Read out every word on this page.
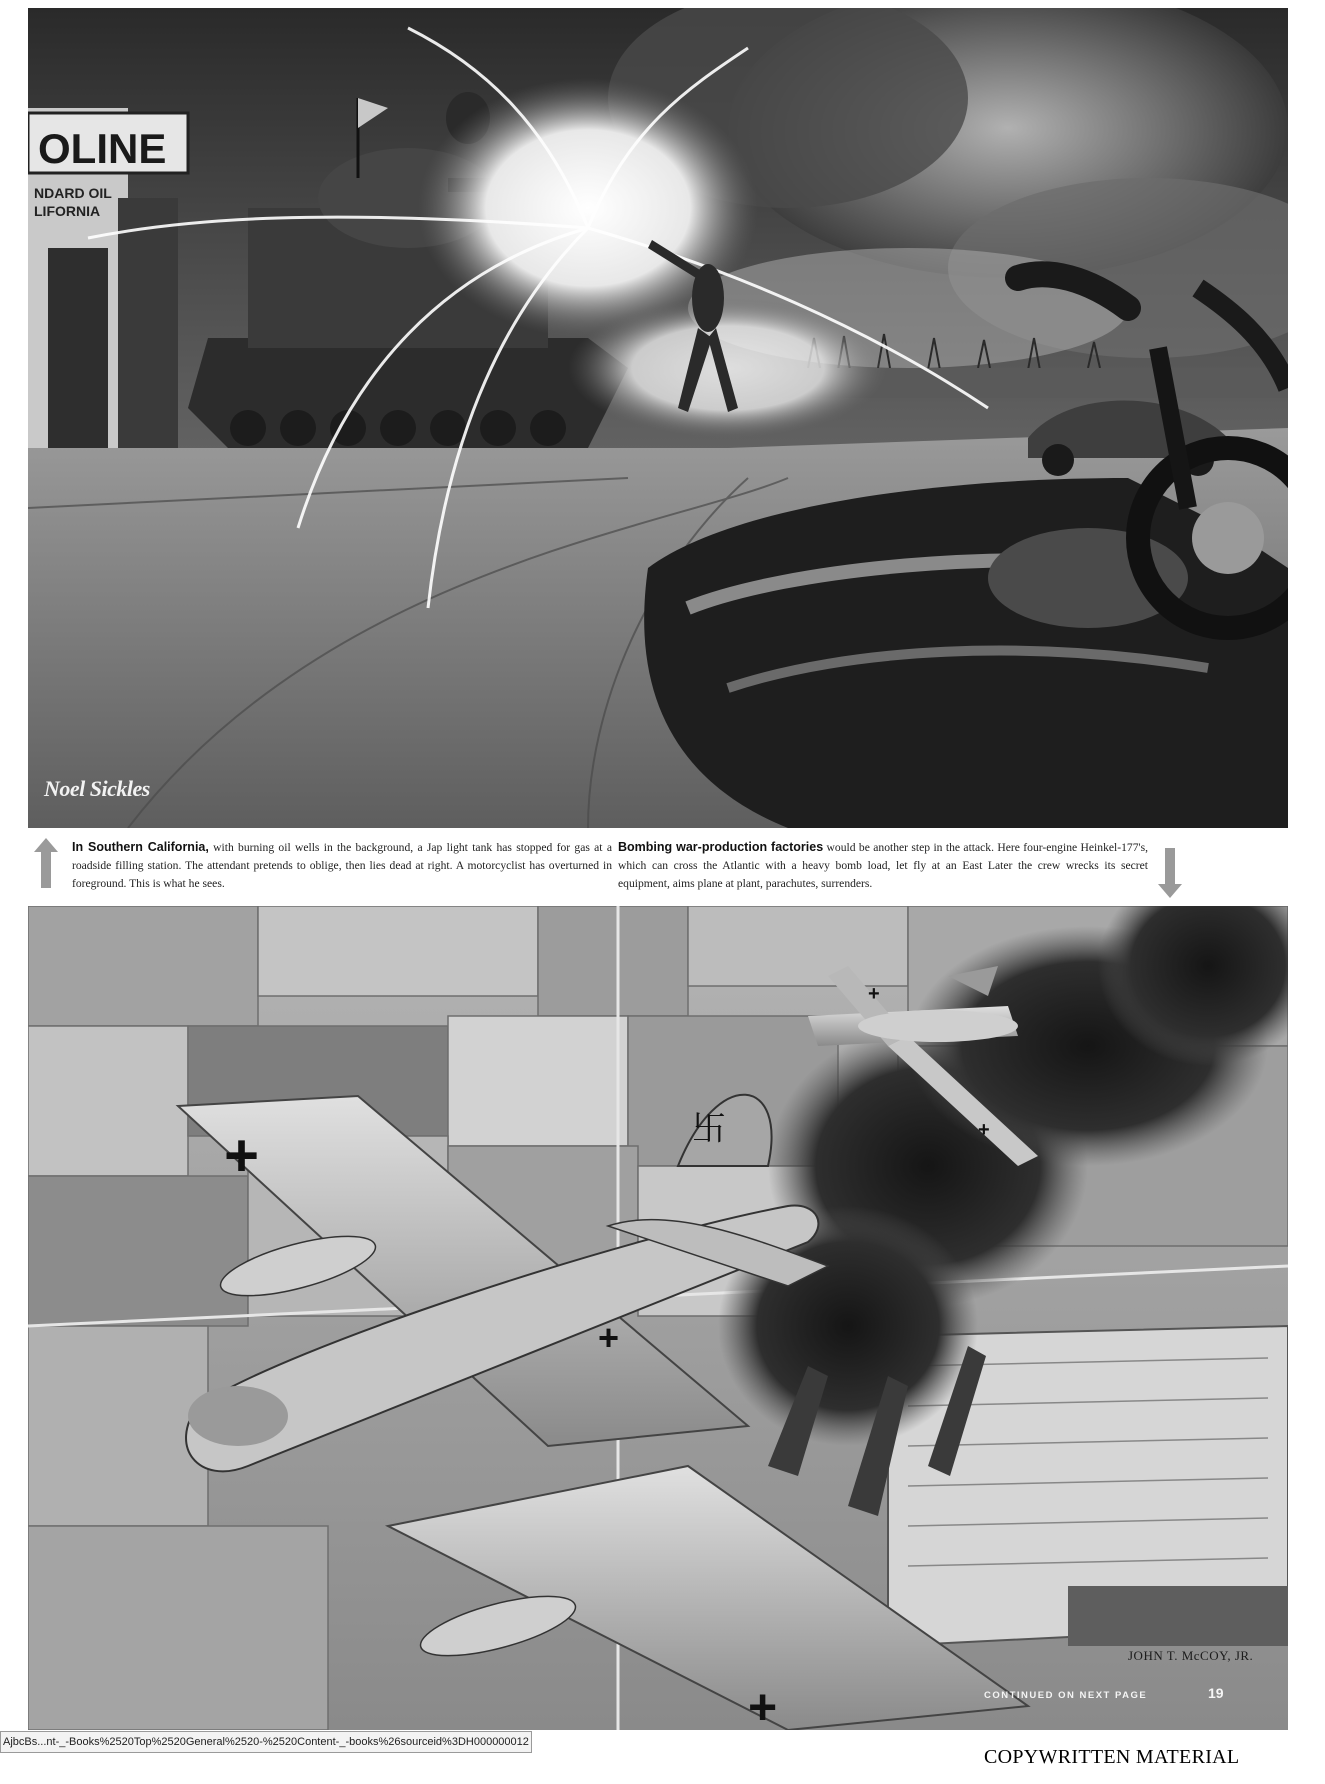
OLINE
NDARD OIL
LIFORNIA
Noel Sickles
In Southern California, with burning oil wells in the background, a Jap light tank has stopped for gas at a roadside filling station. The attendant pretends to oblige, then lies dead at right. A motorcyclist has overturned in foreground. This is what he sees.
Bombing war-production factories would be another step in the attack. Here four-engine Heinkel-177's, which can cross the Atlantic with a heavy bomb load, let fly at an East Later the crew wrecks its secret equipment, aims plane at plant, parachutes, surrenders.
+
+
+
+
+
卐
JOHN T. McCOY, JR.
CONTINUED ON NEXT PAGE	19
AjbcBs...nt-_-Books%2520Top%2520General%2520-%2520Content-_-books%26sourceid%3DH000000012
COPYWRITTEN MATERIAL
